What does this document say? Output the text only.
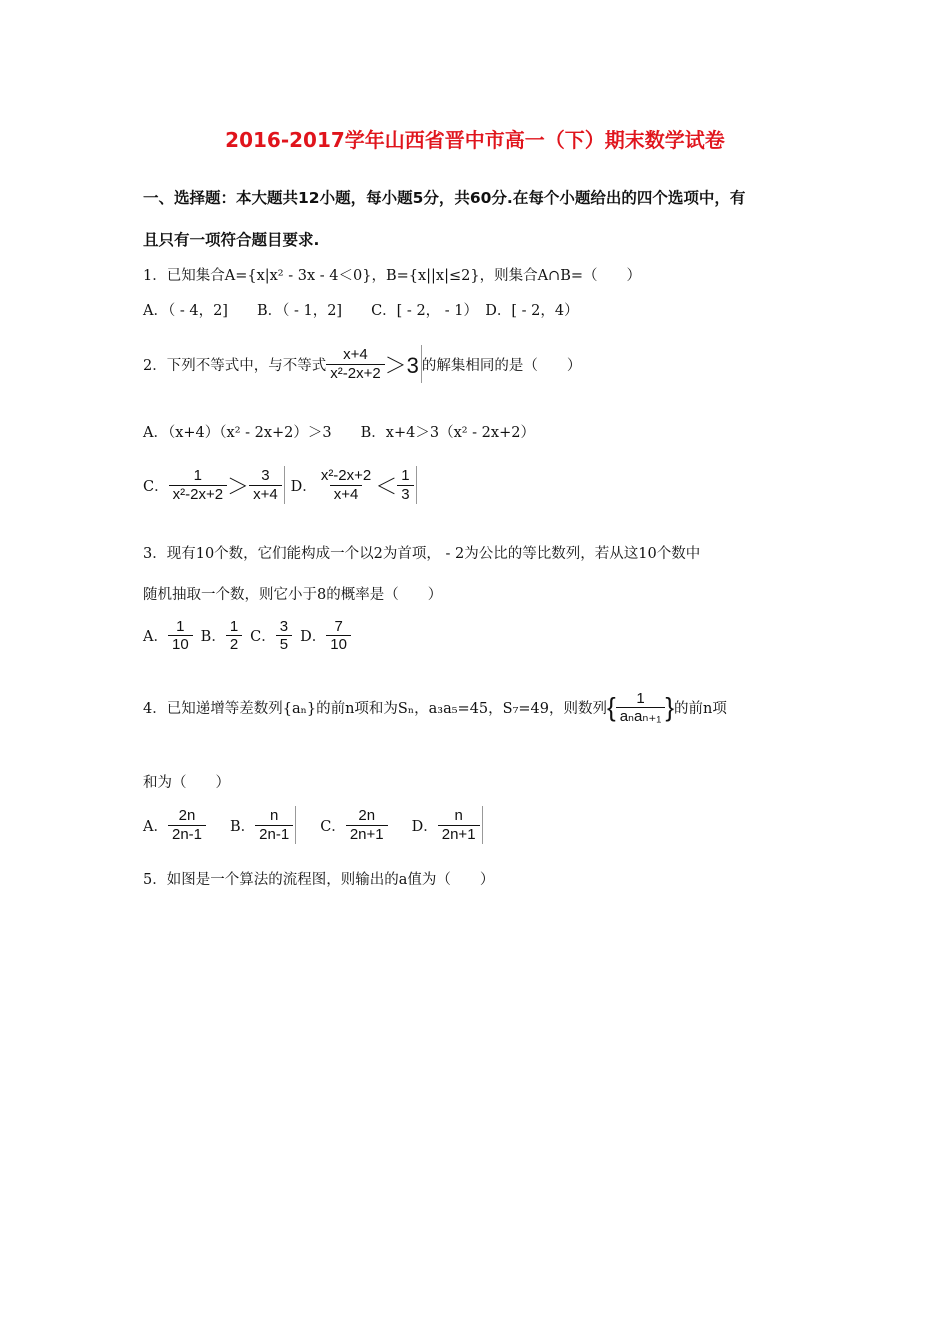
2016-2017学年山西省晋中市高一（下）期末数学试卷
一、选择题：本大题共12小题，每小题5分，共60分.在每个小题给出的四个选项中，有
且只有一项符合题目要求.
1．已知集合A={x|x² - 3x - 4＜0}，B={x||x|≤2}，则集合A∩B=（　　）
A．（ - 4，2]　　B．（ - 1，2]　　C．[ - 2， - 1）　D．[ - 2，4）
2．下列不等式中，与不等式 $\frac{x+4}{\text{x²-2x+2}} >3$ 的解集相同的是（　　）
A．（x+4）（x² - 2x+2）＞3　　B．x+4＞3（x² - 2x+2）
C． $\frac{1}{\text{x²-2x+2}} > \frac{3}{x+4}$ D． $\frac{\text{x²-2x+2}}{x+4} < \frac{1}{3}$
3．现有10个数，它们能构成一个以2为首项， - 2为公比的等比数列，若从这10个数中
随机抽取一个数，则它小于8的概率是（　　）
A． $\frac{1}{10}$ B． $\frac{1}{2}$ C． $\frac{3}{5}$ D． $\frac{7}{10}$
4．已知递增等差数列{aₙ}的前n项和为Sₙ，a₃a₅=45，S₇=49，则数列 { $\frac{1}{\text{aₙaₙ₊₁}}$ } 的前n项
和为（　　）
A． $\frac{2n}{2n-1}$ B． $\frac{n}{2n-1}$ C． $\frac{2n}{2n+1}$ D． $\frac{n}{2n+1}$
5．如图是一个算法的流程图，则输出的a值为（　　）
